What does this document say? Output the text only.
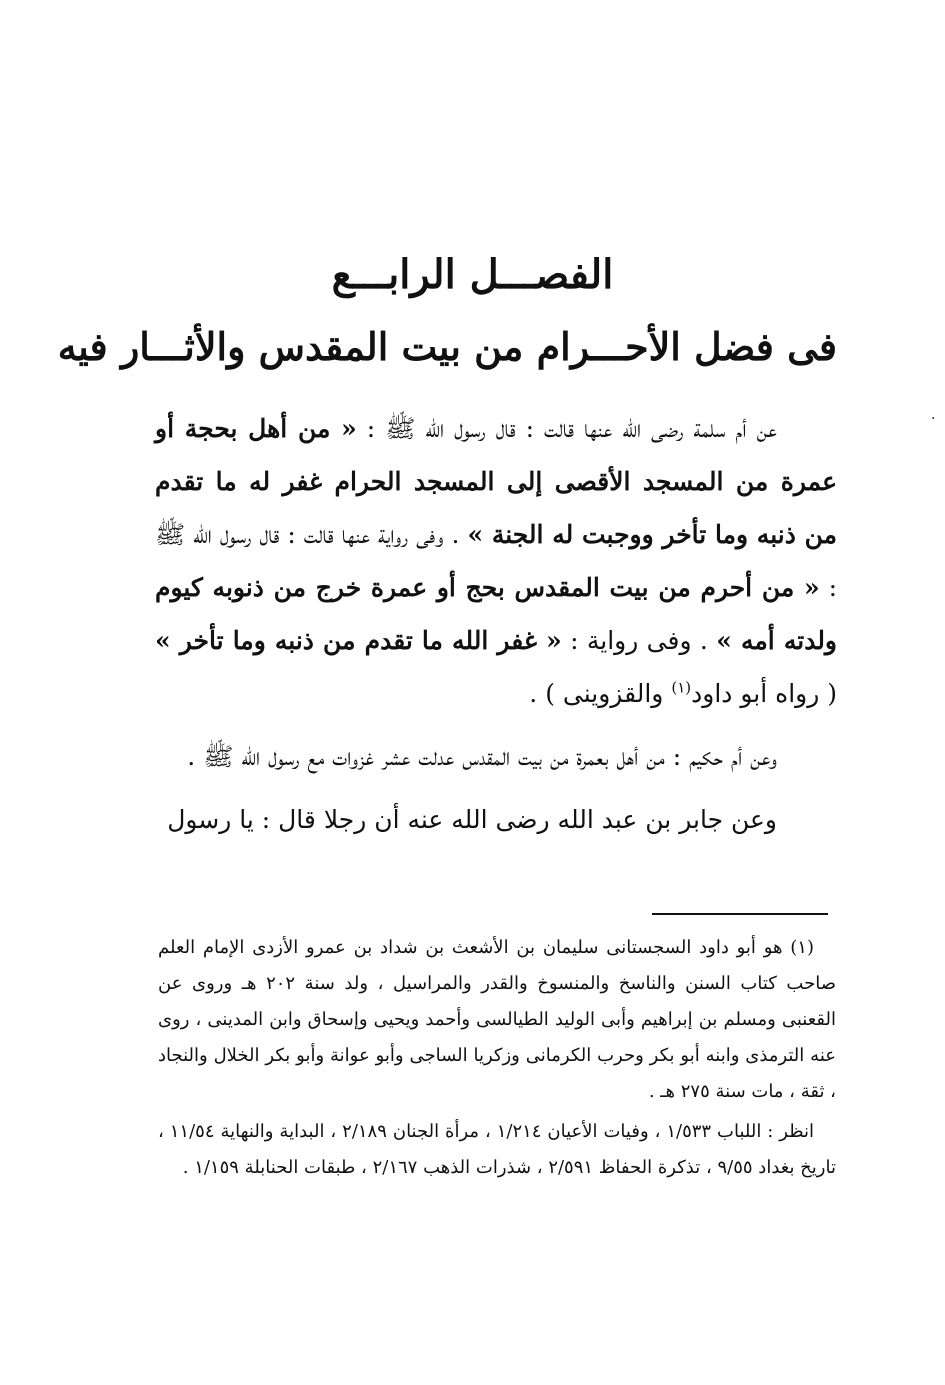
الفصـــل الرابـــع
فى فضل الأحـــرام من بيت المقدس والأثـــار فيه

عن أم سلمة رضى الله عنها قالت : قال رسول الله ﷺ : « من أهل بحجة أو عمرة من المسجد الأقصى إلى المسجد الحرام غفر له ما تقدم من ذنبه وما تأخر ووجبت له الجنة » . وفى رواية عنها قالت : قال رسول الله ﷺ : « من أحرم من بيت المقدس بحج أو عمرة خرج من ذنوبه كيوم ولدته أمه » . وفى رواية : « غفر الله ما تقدم من ذنبه وما تأخر » ( رواه أبو داود$^{(١)}$ والقزوينى ) .

وعن أم حكيم : من أهل بعمرة من بيت المقدس عدلت عشر غزوات مع رسول الله ﷺ .

وعن جابر بن عبد الله رضى الله عنه أن رجلا قال : يا رسول

(١) هو أبو داود السجستانى سليمان بن الأشعث بن شداد بن عمرو الأزدى الإمام العلم صاحب كتاب السنن والناسخ والمنسوخ والقدر والمراسيل ، ولد سنة ٢٠٢ هـ وروى عن القعنبى ومسلم بن إبراهيم وأبى الوليد الطيالسى وأحمد ويحيى وإسحاق وابن المدينى ، روى عنه الترمذى وابنه أبو بكر وحرب الكرمانى وزكريا الساجى وأبو عوانة وأبو بكر الخلال والنجاد ، ثقة ، مات سنة ٢٧٥ هـ .

انظر : اللباب ١/٥٣٣ ، وفيات الأعيان ١/٢١٤ ، مرأة الجنان ٢/١٨٩ ، البداية والنهاية ١١/٥٤ ، تاريخ بغداد ٩/٥٥ ، تذكرة الحفاظ ٢/٥٩١ ، شذرات الذهب ٢/١٦٧ ، طبقات الحنابلة ١/١٥٩ .

·
